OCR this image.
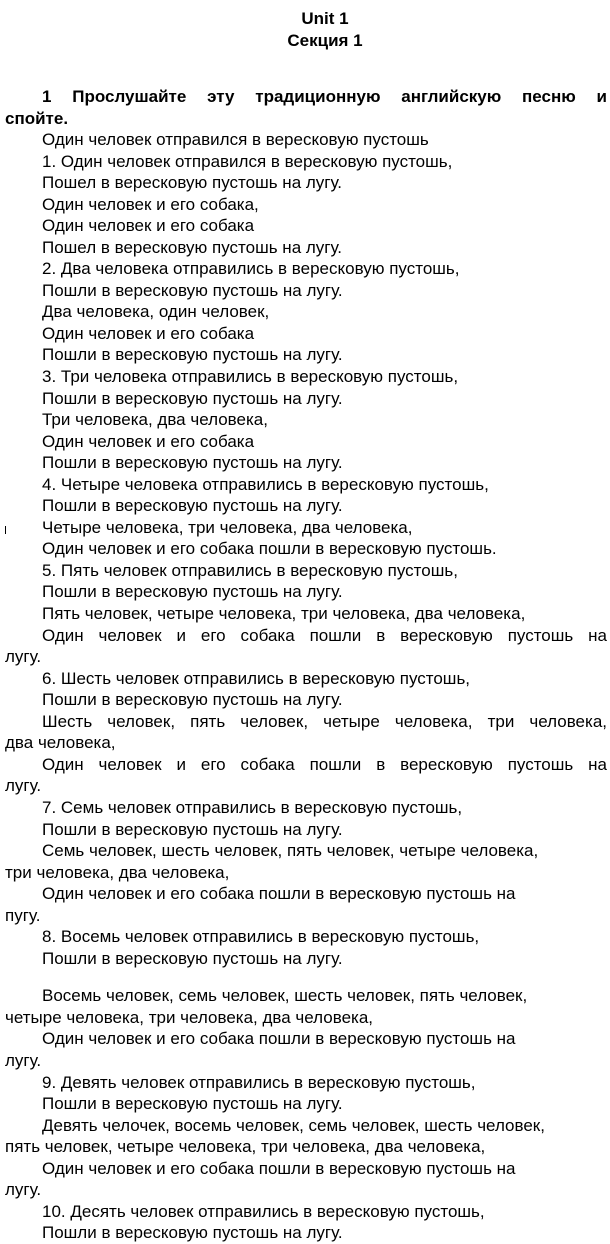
Unit 1
Секция 1
1 Прослушайте эту традиционную английскую песню и
спойте.
Один человек отправился в вересковую пустошь
1. Один человек отправился в вересковую пустошь,
Пошел в вересковую пустошь на лугу.
Один человек и его собака,
Один человек и его собака
Пошел в вересковую пустошь на лугу.
2. Два человека отправились в вересковую пустошь,
Пошли в вересковую пустошь на лугу.
Два человека, один человек,
Один человек и его собака
Пошли в вересковую пустошь на лугу.
3. Три человека отправились в вересковую пустошь,
Пошли в вересковую пустошь на лугу.
Три человека, два человека,
Один человек и его собака
Пошли в вересковую пустошь на лугу.
4. Четыре человека отправились в вересковую пустошь,
Пошли в вересковую пустошь на лугу.
Четыре человека, три человека, два человека,
Один человек и его собака пошли в вересковую пустошь.
5. Пять человек отправились в вересковую пустошь,
Пошли в вересковую пустошь на лугу.
Пять человек, четыре человека, три человека, два человека,
Один человек и его собака пошли в вересковую пустошь на
лугу.
6. Шесть человек отправились в вересковую пустошь,
Пошли в вересковую пустошь на лугу.
Шесть человек, пять человек, четыре человека, три человека,
два человека,
Один человек и его собака пошли в вересковую пустошь на
лугу.
7. Семь человек отправились в вересковую пустошь,
Пошли в вересковую пустошь на лугу.
Семь человек, шесть человек, пять человек, четыре человека,
три человека, два человека,
Один человек и его собака пошли в вересковую пустошь на
пугу.
8. Восемь человек отправились в вересковую пустошь,
Пошли в вересковую пустошь на лугу.
Восемь человек, семь человек, шесть человек, пять человек,
четыре человека, три человека, два человека,
Один человек и его собака пошли в вересковую пустошь на
лугу.
9. Девять человек отправились в вересковую пустошь,
Пошли в вересковую пустошь на лугу.
Девять челочек, восемь человек, семь человек, шесть человек,
пять человек, четыре человека, три человека, два человека,
Один человек и его собака пошли в вересковую пустошь на
лугу.
10. Десять человек отправились в вересковую пустошь,
Пошли в вересковую пустошь на лугу.
